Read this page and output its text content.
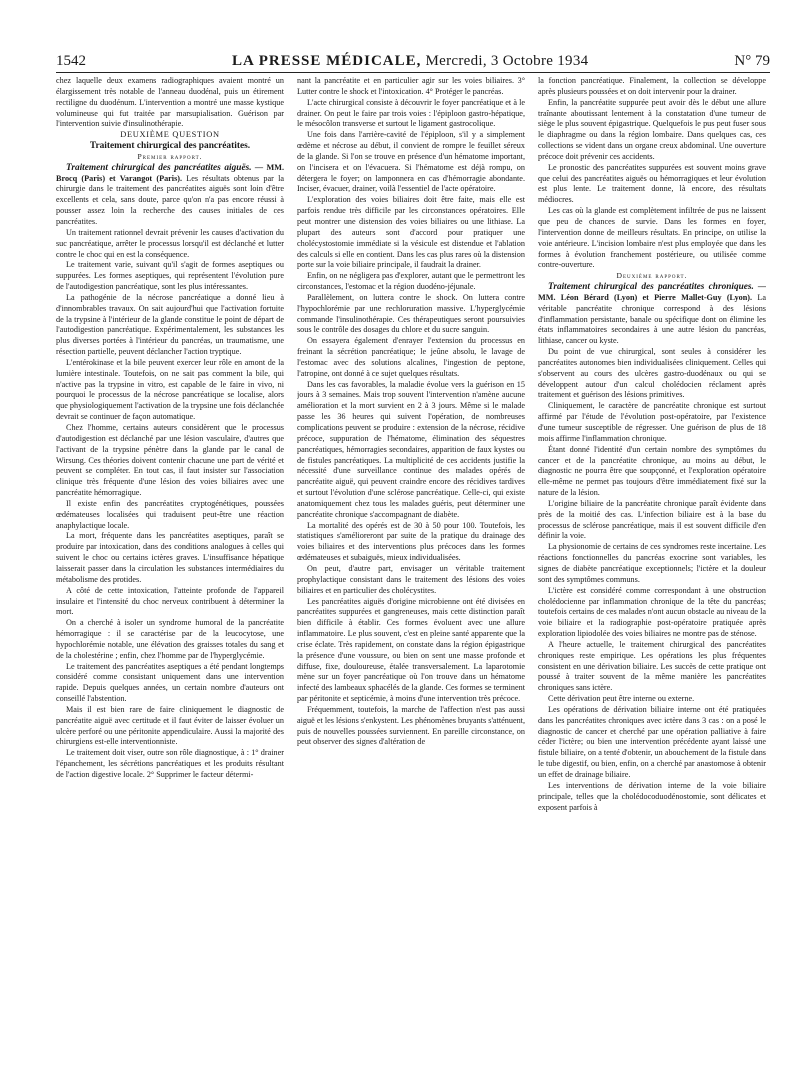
1542	LA PRESSE MÉDICALE, Mercredi, 3 Octobre 1934	N° 79

chez laquelle deux examens radiographiques avaient montré un élargissement très notable de l'anneau duodénal, puis un étirement rectiligne du duodénum. L'intervention a montré une masse kystique volumineuse qui fut traitée par marsupialisation. Guérison par l'intervention suivie d'insulinothérapie.

DEUXIÈME QUESTION

Traitement chirurgical des pancréatites.

Premier rapport.

Traitement chirurgical des pancréatites aiguës. — MM. Brocq (Paris) et Varangot (Paris). Les résultats obtenus par la chirurgie dans le traitement des pancréatites aiguës sont loin d'être excellents et cela, sans doute, parce qu'on n'a pas encore réussi à pousser assez loin la recherche des causes initiales de ces pancréatites.

Un traitement rationnel devrait prévenir les causes d'activation du suc pancréatique, arrêter le processus lorsqu'il est déclanché et lutter contre le choc qui en est la conséquence.

Le traitement varie, suivant qu'il s'agit de formes aseptiques ou suppurées. Les formes aseptiques, qui représentent l'évolution pure de l'autodigestion pancréatique, sont les plus intéressantes.

La pathogénie de la nécrose pancréatique a donné lieu à d'innombrables travaux. On sait aujourd'hui que l'activation fortuite de la trypsine à l'intérieur de la glande constitue le point de départ de l'autodigestion pancréatique. Expérimentalement, les substances les plus diverses portées à l'intérieur du pancréas, un traumatisme, une résection partielle, peuvent déclancher l'action tryptique.

L'entérokinase et la bile peuvent exercer leur rôle en amont de la lumière intestinale. Toutefois, on ne sait pas comment la bile, qui n'active pas la trypsine in vitro, est capable de le faire in vivo, ni pourquoi le processus de la nécrose pancréatique se localise, alors que physiologiquement l'activation de la trypsine une fois déclanchée devrait se continuer de façon automatique.

Chez l'homme, certains auteurs considèrent que le processus d'autodigestion est déclanché par une lésion vasculaire, d'autres que l'activant de la trypsine pénètre dans la glande par le canal de Wirsung. Ces théories doivent contenir chacune une part de vérité et peuvent se compléter. En tout cas, il faut insister sur l'association clinique très fréquente d'une lésion des voies biliaires avec une pancréatite hémorragique.

Il existe enfin des pancréatites cryptogénétiques, poussées œdémateuses localisées qui traduisent peut-être une réaction anaphylactique locale.

La mort, fréquente dans les pancréatites aseptiques, paraît se produire par intoxication, dans des conditions analogues à celles qui suivent le choc ou certains ictères graves. L'insuffisance hépatique laisserait passer dans la circulation les substances intermédiaires du métabolisme des protides.

A côté de cette intoxication, l'atteinte profonde de l'appareil insulaire et l'intensité du choc nerveux contribuent à déterminer la mort.

On a cherché à isoler un syndrome humoral de la pancréatite hémorragique : il se caractérise par de la leucocytose, une hypochlorémie notable, une élévation des graisses totales du sang et de la cholestérine ; enfin, chez l'homme par de l'hyperglycémie.

Le traitement des pancréatites aseptiques a été pendant longtemps considéré comme consistant uniquement dans une intervention rapide. Depuis quelques années, un certain nombre d'auteurs ont conseillé l'abstention.

Mais il est bien rare de faire cliniquement le diagnostic de pancréatite aiguë avec certitude et il faut éviter de laisser évoluer un ulcère perforé ou une péritonite appendiculaire. Aussi la majorité des chirurgiens est-elle interventionniste.

Le traitement doit viser, outre son rôle diagnostique, à : 1° drainer l'épanchement, les sécrétions pancréatiques et les produits résultant de l'action digestive locale. 2° Supprimer le facteur détermi-

nant la pancréatite et en particulier agir sur les voies biliaires. 3° Lutter contre le shock et l'intoxication. 4° Protéger le pancréas.

L'acte chirurgical consiste à découvrir le foyer pancréatique et à le drainer. On peut le faire par trois voies : l'épiploon gastro-hépatique, le mésocôlon transverse et surtout le ligament gastrocolique.

Une fois dans l'arrière-cavité de l'épiploon, s'il y a simplement œdème et nécrose au début, il convient de rompre le feuillet séreux de la glande. Si l'on se trouve en présence d'un hématome important, on l'incisera et on l'évacuera. Si l'hématome est déjà rompu, on détergera le foyer; on lamponnera en cas d'hémorragie abondante. Inciser, évacuer, drainer, voilà l'essentiel de l'acte opératoire.

L'exploration des voies biliaires doit être faite, mais elle est parfois rendue très difficile par les circonstances opératoires. Elle peut montrer une distension des voies biliaires ou une lithiase. La plupart des auteurs sont d'accord pour pratiquer une cholécystostomie immédiate si la vésicule est distendue et l'ablation des calculs si elle en contient. Dans les cas plus rares où la distension porte sur la voie biliaire principale, il faudrait la drainer.

Enfin, on ne négligera pas d'explorer, autant que le permettront les circonstances, l'estomac et la région duodéno-jéjunale.

Parallèlement, on luttera contre le shock. On luttera contre l'hypochlorémie par une rechloruration massive. L'hyperglycémie commande l'insulinothérapie. Ces thérapeutiques seront poursuivies sous le contrôle des dosages du chlore et du sucre sanguin.

On essayera également d'enrayer l'extension du processus en freinant la sécrétion pancréatique; le jeûne absolu, le lavage de l'estomac avec des solutions alcalines, l'ingestion de peptone, l'atropine, ont donné à ce sujet quelques résultats.

Dans les cas favorables, la maladie évolue vers la guérison en 15 jours à 3 semaines. Mais trop souvent l'intervention n'amène aucune amélioration et la mort survient en 2 à 3 jours. Même si le malade passe les 36 heures qui suivent l'opération, de nombreuses complications peuvent se produire : extension de la nécrose, récidive précoce, suppuration de l'hématome, élimination des séquestres pancréatiques, hémorragies secondaires, apparition de faux kystes ou de fistules pancréatiques. La multiplicité de ces accidents justifie la nécessité d'une surveillance continue des malades opérés de pancréatite aiguë, qui peuvent craindre encore des récidives tardives et surtout l'évolution d'une sclérose pancréatique. Celle-ci, qui existe anatomiquement chez tous les malades guéris, peut déterminer une pancréatite chronique s'accompagnant de diabète.

La mortalité des opérés est de 30 à 50 pour 100. Toutefois, les statistiques s'amélioreront par suite de la pratique du drainage des voies biliaires et des interventions plus précoces dans les formes œdémateuses et subaiguës, mieux individualisées.

On peut, d'autre part, envisager un véritable traitement prophylactique consistant dans le traitement des lésions des voies biliaires et en particulier des cholécystites.

Les pancréatites aiguës d'origine microbienne ont été divisées en pancréatites suppurées et gangreneuses, mais cette distinction paraît bien difficile à établir. Ces formes évoluent avec une allure inflammatoire. Le plus souvent, c'est en pleine santé apparente que la crise éclate. Très rapidement, on constate dans la région épigastrique la présence d'une voussure, ou bien on sent une masse profonde et diffuse, fixe, douloureuse, étalée transversalement. La laparotomie mène sur un foyer pancréatique où l'on trouve dans un hématome infecté des lambeaux sphacélés de la glande. Ces formes se terminent par péritonite et septicémie, à moins d'une intervention très précoce.

Fréquemment, toutefois, la marche de l'affection n'est pas aussi aiguë et les lésions s'enkystent. Les phénomènes bruyants s'atténuent, puis de nouvelles poussées surviennent. En pareille circonstance, on peut observer des signes d'altération de

la fonction pancréatique. Finalement, la collection se développe après plusieurs poussées et on doit intervenir pour la drainer.

Enfin, la pancréatite suppurée peut avoir dès le début une allure traînante aboutissant lentement à la constatation d'une tumeur de siège le plus souvent épigastrique. Quelquefois le pus peut fuser sous le diaphragme ou dans la région lombaire. Dans quelques cas, ces collections se vident dans un organe creux abdominal. Une ouverture précoce doit prévenir ces accidents.

Le pronostic des pancréatites suppurées est souvent moins grave que celui des pancréatites aiguës ou hémorragiques et leur évolution est plus lente. Le traitement donne, là encore, des résultats médiocres.

Les cas où la glande est complètement infiltrée de pus ne laissent que peu de chances de survie. Dans les formes en foyer, l'intervention donne de meilleurs résultats. En principe, on utilise la voie antérieure. L'incision lombaire n'est plus employée que dans les formes à évolution franchement postérieure, ou utilisée comme contre-ouverture.

Deuxième rapport.

Traitement chirurgical des pancréatites chroniques. — MM. Léon Bérard (Lyon) et Pierre Mallet-Guy (Lyon). La véritable pancréatite chronique correspond à des lésions d'inflammation persistante, banale ou spécifique dont on élimine les états inflammatoires secondaires à une autre lésion du pancréas, lithiase, cancer ou kyste.

Du point de vue chirurgical, sont seules à considérer les pancréatites autonomes bien individualisées cliniquement. Celles qui s'observent au cours des ulcères gastro-duodénaux ou qui se développent autour d'un calcul cholédocien réclament après traitement et guérison des lésions primitives.

Cliniquement, le caractère de pancréatite chronique est surtout affirmé par l'étude de l'évolution post-opératoire, par l'existence d'une tumeur susceptible de régresser. Une guérison de plus de 18 mois affirme l'inflammation chronique.

Étant donné l'identité d'un certain nombre des symptômes du cancer et de la pancréatite chronique, au moins au début, le diagnostic ne pourra être que soupçonné, et l'exploration opératoire elle-même ne permet pas toujours d'être immédiatement fixé sur la nature de la lésion.

L'origine biliaire de la pancréatite chronique paraît évidente dans près de la moitié des cas. L'infection biliaire est à la base du processus de sclérose pancréatique, mais il est souvent difficile d'en définir la voie.

La physionomie de certains de ces syndromes reste incertaine. Les réactions fonctionnelles du pancréas exocrine sont variables, les signes de diabète pancréatique exceptionnels; l'ictère et la douleur sont des symptômes communs.

L'ictère est considéré comme correspondant à une obstruction cholédocienne par inflammation chronique de la tête du pancréas; toutefois certains de ces malades n'ont aucun obstacle au niveau de la voie biliaire et la radiographie post-opératoire pratiquée après exploration lipiodolée des voies biliaires ne montre pas de sténose.

A l'heure actuelle, le traitement chirurgical des pancréatites chroniques reste empirique. Les opérations les plus fréquentes consistent en une dérivation biliaire. Les succès de cette pratique ont poussé à traiter souvent de la même manière les pancréatites chroniques sans ictère.

Cette dérivation peut être interne ou externe.

Les opérations de dérivation biliaire interne ont été pratiquées dans les pancréatites chroniques avec ictère dans 3 cas : on a posé le diagnostic de cancer et cherché par une opération palliative à faire céder l'ictère; ou bien une intervention précédente ayant laissé une fistule biliaire, on a tenté d'obtenir, un abouchement de la fistule dans le tube digestif, ou bien, enfin, on a cherché par anastomose à obtenir un effet de drainage biliaire.

Les interventions de dérivation interne de la voie biliaire principale, telles que la cholédocoduodénostomie, sont délicates et exposent parfois à
